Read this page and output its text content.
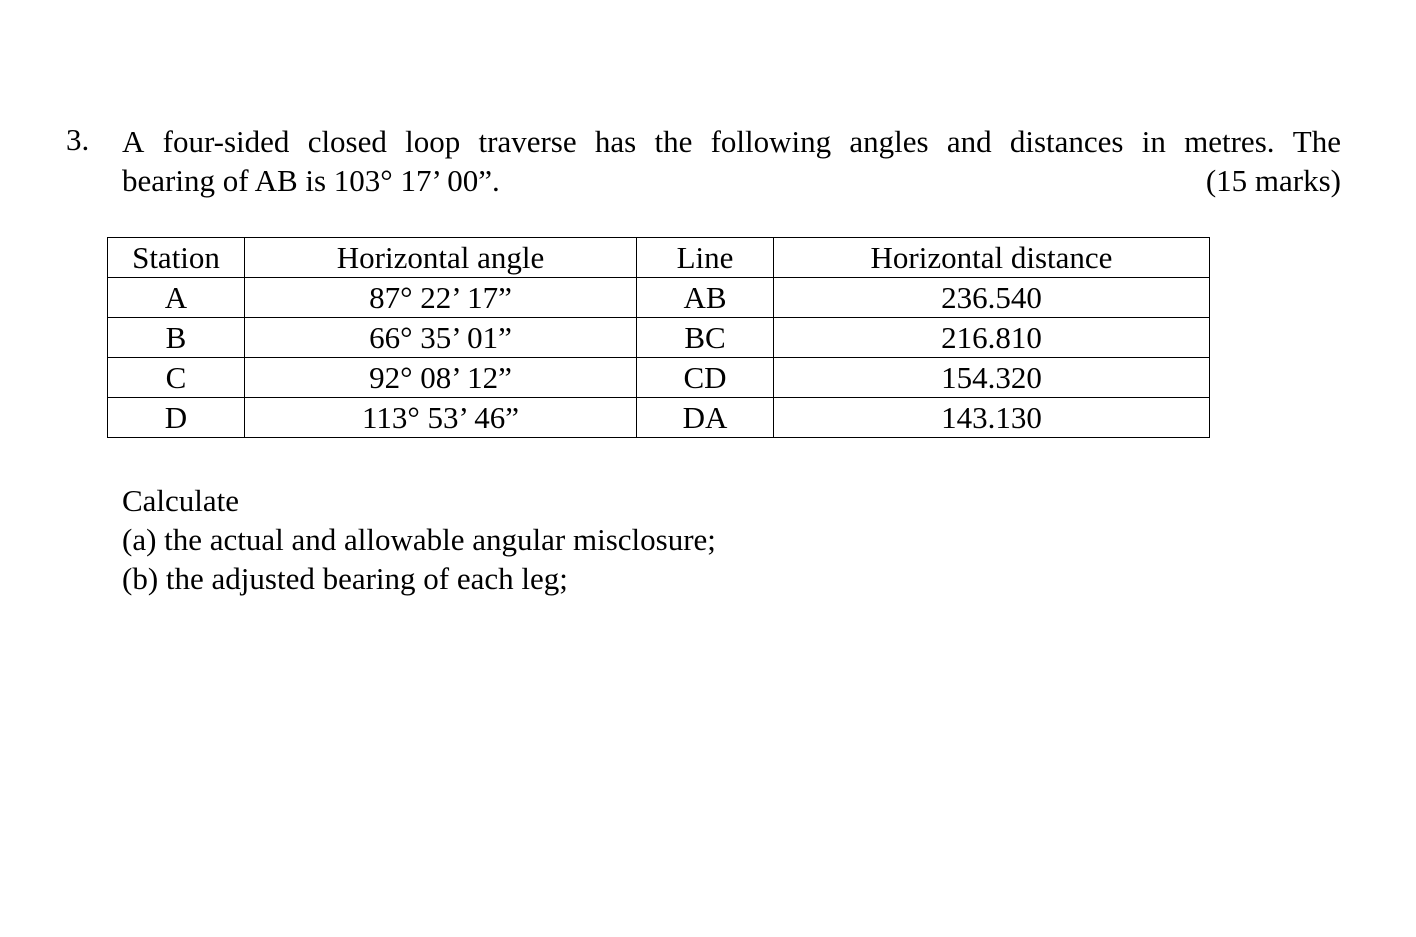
3. A four-sided closed loop traverse has the following angles and distances in metres. The
bearing of AB is 103° 17’ 00”.	(15 marks)
Station	Horizontal angle	Line	Horizontal distance
A	87° 22’ 17”	AB	236.540
B	66° 35’ 01”	BC	216.810
C	92° 08’ 12”	CD	154.320
D	113° 53’ 46”	DA	143.130
Calculate
(a) the actual and allowable angular misclosure;
(b) the adjusted bearing of each leg;
